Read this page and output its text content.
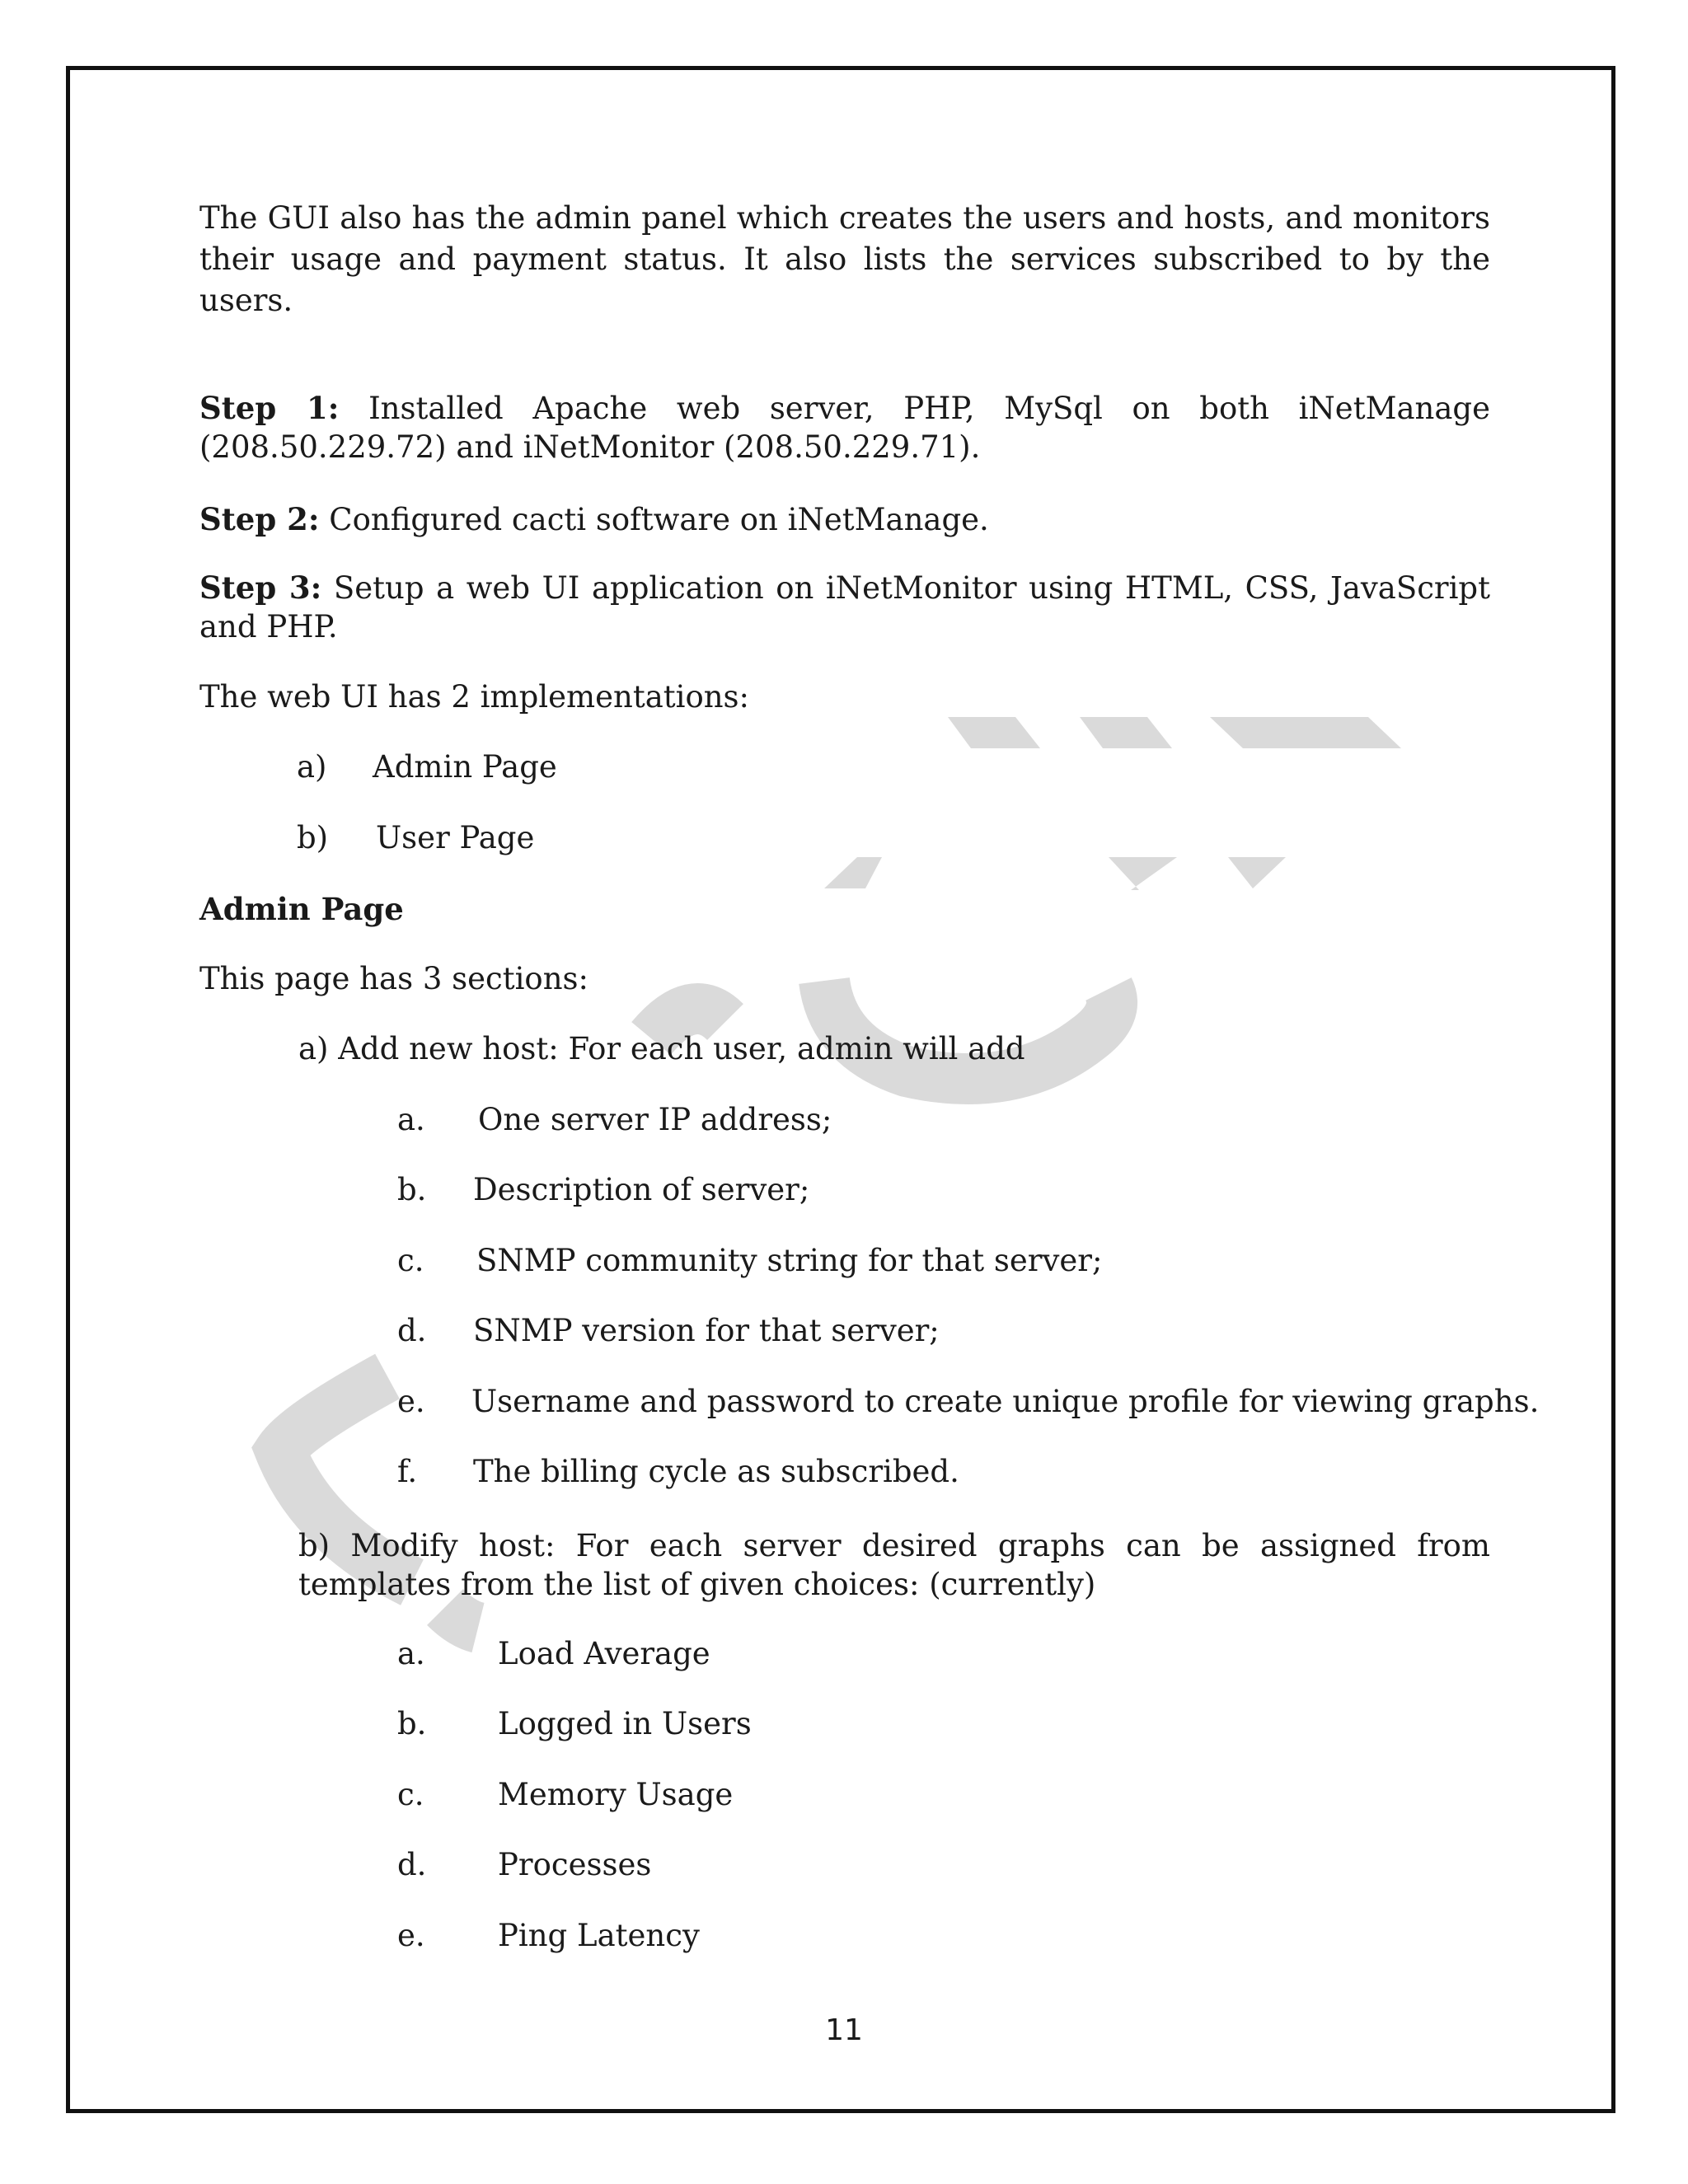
The GUI also has the admin panel which creates the users and hosts, and monitors their usage and payment status. It also lists the services subscribed to by the users.
Step 1: Installed Apache web server, PHP, MySql on both iNetManage (208.50.229.72) and iNetMonitor (208.50.229.71).
Step 2: Configured cacti software on iNetManage.
Step 3: Setup a web UI application on iNetMonitor using HTML, CSS, JavaScript and PHP.
The web UI has 2 implementations:
a) Admin Page
b) User Page
Admin Page
This page has 3 sections:
a) Add new host: For each user, admin will add
a. One server IP address;
b. Description of server;
c. SNMP community string for that server;
d. SNMP version for that server;
e. Username and password to create unique profile for viewing graphs.
f. The billing cycle as subscribed.
b) Modify host: For each server desired graphs can be assigned from templates from the list of given choices: (currently)
a. Load Average
b. Logged in Users
c. Memory Usage
d. Processes
e. Ping Latency
11
